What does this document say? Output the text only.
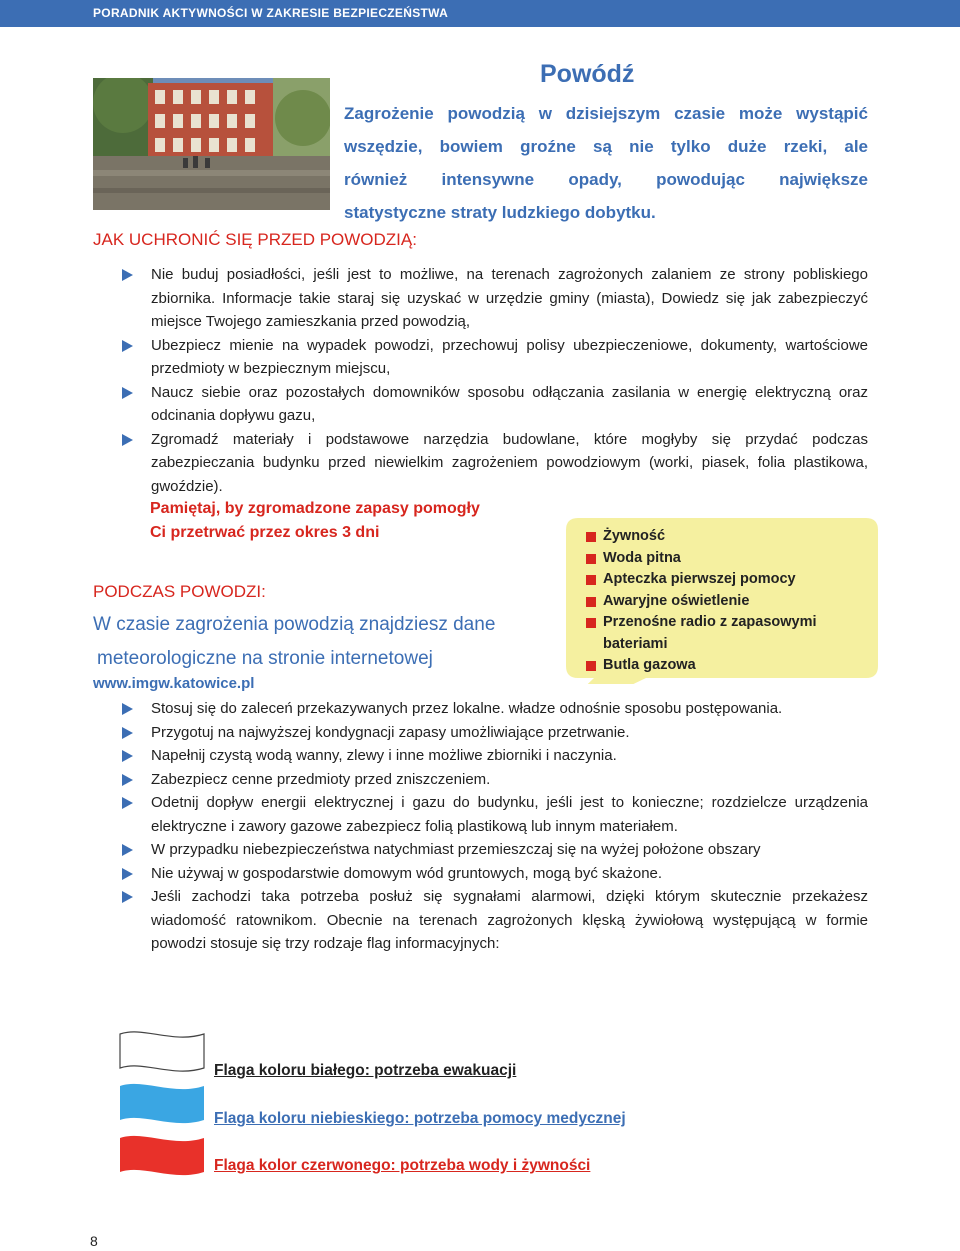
PORADNIK AKTYWNOŚCI W ZAKRESIE BEZPIECZEŃSTWA
Powódź
Zagrożenie powodzią w dzisiejszym czasie może wystąpić
wszędzie, bowiem groźne są nie tylko duże rzeki, ale
również intensywne opady, powodując największe
statystyczne straty ludzkiego dobytku.
JAK UCHRONIĆ SIĘ PRZED POWODZIĄ:
Nie buduj posiadłości, jeśli jest to możliwe, na terenach zagrożonych zalaniem ze strony pobliskiego zbiornika. Informacje takie staraj się uzyskać w urzędzie gminy (miasta), Dowiedz się jak zabezpieczyć miejsce Twojego zamieszkania przed powodzią,
Ubezpiecz mienie na wypadek powodzi, przechowuj polisy ubezpieczeniowe, dokumenty, wartościowe przedmioty w bezpiecznym miejscu,
Naucz siebie oraz pozostałych domowników sposobu odłączania zasilania w energię elektryczną oraz odcinania dopływu gazu,
Zgromadź materiały i podstawowe narzędzia budowlane, które mogłyby się przydać podczas zabezpieczania budynku przed niewielkim zagrożeniem powodziowym (worki, piasek, folia plastikowa, gwoździe).
Pamiętaj, by zgromadzone zapasy pomogły
Ci przetrwać przez okres 3 dni	Żywność
Woda pitna
Apteczka pierwszej pomocy
Awaryjne oświetlenie
Przenośne radio z zapasowymi bateriami
Butla gazowa
PODCZAS POWODZI:
W czasie zagrożenia powodzią znajdziesz dane
meteorologiczne na stronie internetowej
www.imgw.katowice.pl
Stosuj się do zaleceń przekazywanych przez lokalne. władze odnośnie sposobu postępowania.
Przygotuj na najwyższej kondygnacji zapasy umożliwiające przetrwanie.
Napełnij czystą wodą wanny, zlewy i inne możliwe zbiorniki i naczynia.
Zabezpiecz cenne przedmioty przed zniszczeniem.
Odetnij dopływ energii elektrycznej i gazu do budynku, jeśli jest to konieczne; rozdzielcze urządzenia elektryczne i zawory gazowe zabezpiecz folią plastikową lub innym materiałem.
W przypadku niebezpieczeństwa natychmiast przemieszczaj się na wyżej położone obszary
Nie używaj w gospodarstwie domowym wód gruntowych, mogą być skażone.
Jeśli zachodzi taka potrzeba posłuż się sygnałami alarmowi, dzięki którym skutecznie przekażesz wiadomość ratownikom. Obecnie na terenach zagrożonych klęską żywiołową występującą w formie powodzi stosuje się trzy rodzaje flag informacyjnych:
Flaga koloru białego: potrzeba ewakuacji
Flaga koloru niebieskiego: potrzeba pomocy medycznej
Flaga kolor czerwonego: potrzeba wody i żywności
8
